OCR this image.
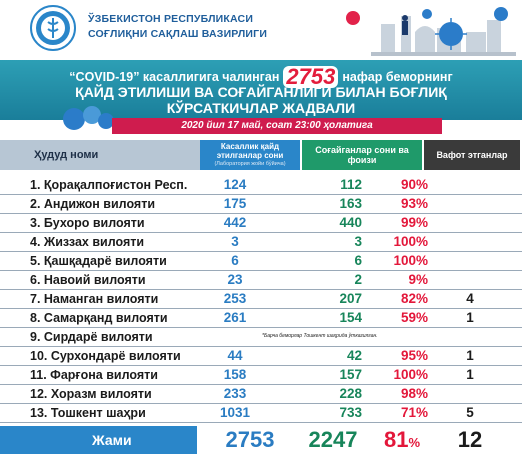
ЎЗБЕКИСТОН РЕСПУБЛИКАСИ
СОҒЛИҚНИ САҚЛАШ ВАЗИРЛИГИ
“COVID-19” касаллигига чалинган 2753 нафар беморнинг
ҚАЙД ЭТИЛИШИ ВА СОҒАЙГАНЛИГИ БИЛАН БОҒЛИҚ
КЎРСАТКИЧЛАР ЖАДВАЛИ
2020 йил 17 май, соат 23:00 ҳолатига
Ҳудуд номи
Касаллик қайд этилганлар сони
(Лаборатория жойи бўйича)
Соғайганлар сони ва фоизи	Вафот этганлар
1. Қорақалпоғистон Респ.	124	112	90%
2. Андижон вилояти	175	163	93%
3. Бухоро вилояти	442	440	99%
4. Жиззах вилояти	3	3	100%
5. Қашқадарё вилояти	6	6	100%
6. Навоий вилояти	23	2	9%
7. Наманган вилояти	253	207	82%	4
8. Самарқанд вилояти	261	154	59%	1
9. Сирдарё вилояти	*Барча беморлар Тошкент шаҳрида ўтказилган.
10. Сурхондарё вилояти	44	42	95%	1
11. Фарғона вилояти	158	157	100%	1
12. Хоразм вилояти	233	228	98%
13. Тошкент шаҳри	1031	733	71%	5
Жами	2753 2247	81%	12
